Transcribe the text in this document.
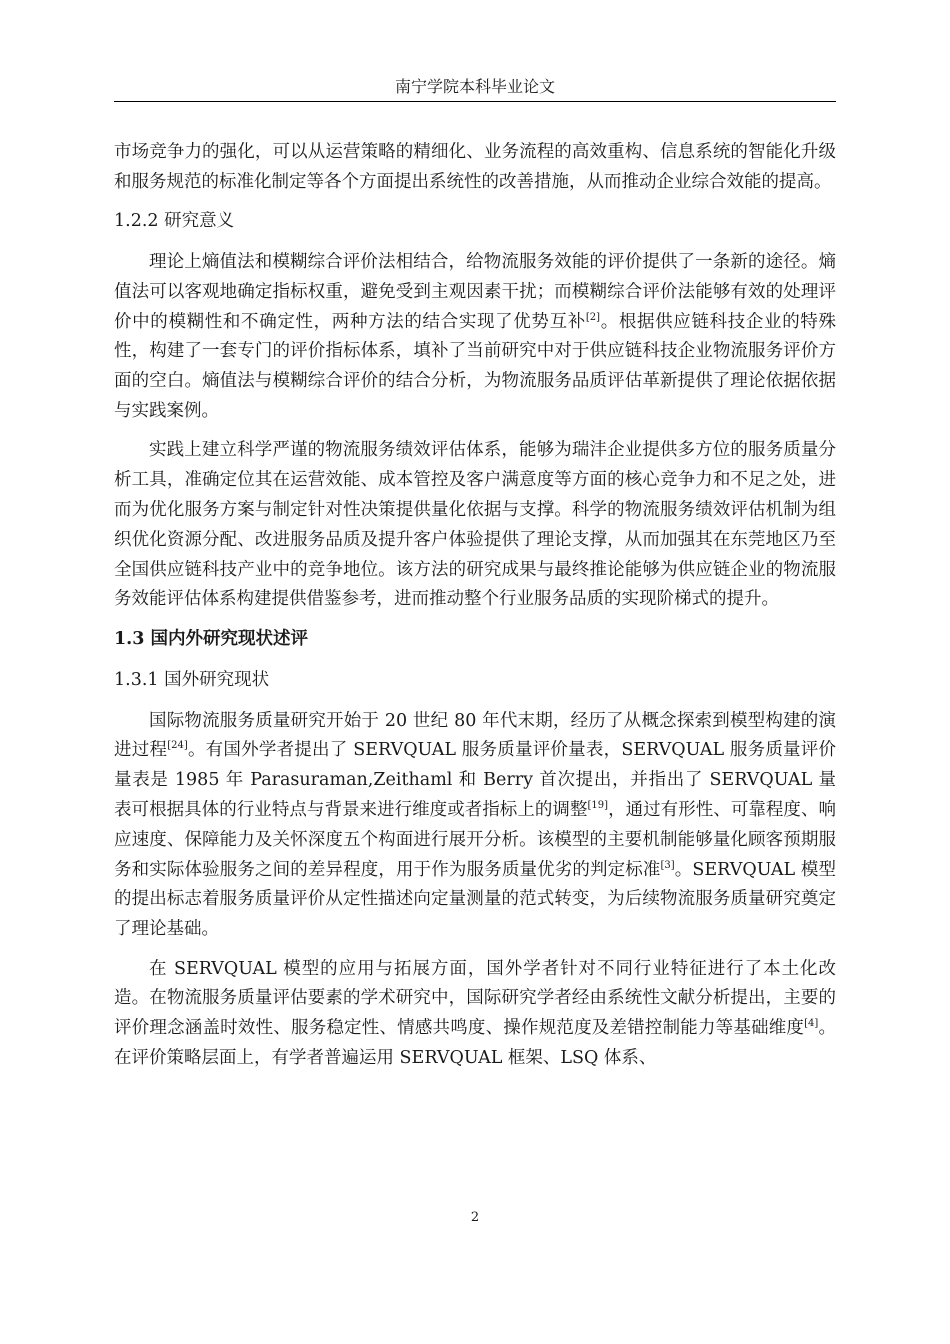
南宁学院本科毕业论文

市场竞争力的强化，可以从运营策略的精细化、业务流程的高效重构、信息系统的智能化升级和服务规范的标准化制定等各个方面提出系统性的改善措施，从而推动企业综合效能的提高。

1.2.2 研究意义

理论上熵值法和模糊综合评价法相结合，给物流服务效能的评价提供了一条新的途径。熵值法可以客观地确定指标权重，避免受到主观因素干扰；而模糊综合评价法能够有效的处理评价中的模糊性和不确定性，两种方法的结合实现了优势互补[2]。根据供应链科技企业的特殊性，构建了一套专门的评价指标体系，填补了当前研究中对于供应链科技企业物流服务评价方面的空白。熵值法与模糊综合评价的结合分析，为物流服务品质评估革新提供了理论依据依据与实践案例。

实践上建立科学严谨的物流服务绩效评估体系，能够为瑞沣企业提供多方位的服务质量分析工具，准确定位其在运营效能、成本管控及客户满意度等方面的核心竞争力和不足之处，进而为优化服务方案与制定针对性决策提供量化依据与支撑。科学的物流服务绩效评估机制为组织优化资源分配、改进服务品质及提升客户体验提供了理论支撑，从而加强其在东莞地区乃至全国供应链科技产业中的竞争地位。该方法的研究成果与最终推论能够为供应链企业的物流服务效能评估体系构建提供借鉴参考，进而推动整个行业服务品质的实现阶梯式的提升。

1.3 国内外研究现状述评
1.3.1 国外研究现状

国际物流服务质量研究开始于 20 世纪 80 年代末期，经历了从概念探索到模型构建的演进过程[24]。有国外学者提出了 SERVQUAL 服务质量评价量表，SERVQUAL 服务质量评价量表是 1985 年 Parasuraman,Zeithaml 和 Berry 首次提出，并指出了 SERVQUAL 量表可根据具体的行业特点与背景来进行维度或者指标上的调整[19]，通过有形性、可靠程度、响应速度、保障能力及关怀深度五个构面进行展开分析。该模型的主要机制能够量化顾客预期服务和实际体验服务之间的差异程度，用于作为服务质量优劣的判定标准[3]。SERVQUAL 模型的提出标志着服务质量评价从定性描述向定量测量的范式转变，为后续物流服务质量研究奠定了理论基础。

在 SERVQUAL 模型的应用与拓展方面，国外学者针对不同行业特征进行了本土化改造。在物流服务质量评估要素的学术研究中，国际研究学者经由系统性文献分析提出，主要的评价理念涵盖时效性、服务稳定性、情感共鸣度、操作规范度及差错控制能力等基础维度[4]。在评价策略层面上，有学者普遍运用 SERVQUAL 框架、LSQ 体系、

2
